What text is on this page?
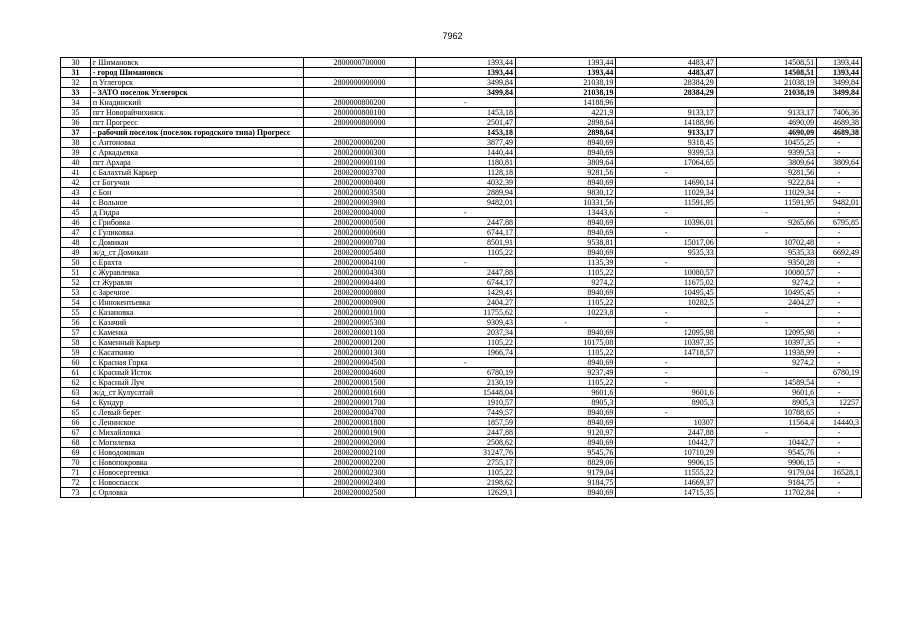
7962
30	г Шимановск	2800000700000	1393,44	1393,44	4483,47	14508,51	1393,44
31	- город Шимановск		1393,44	1393,44	4483,47	14508,51	1393,44
32	п Углегорск	2800000000000	3499,84	21038,19	28384,29	21038,19	3499,84
33	- ЗАТО поселок Углегорск		3499,84	21038,19	28384,29	21038,19	3499,84
34	п Кнадинский	2800000800200	-	14188,96			
35	пгт Новорайчихинск	2800000800100	1453,18	4221,9	9133,17	9133,17	7406,36
36	пгт Прогресс	2800000800000	2501,47	2898,64	14188,96	4690,09	4689,38
37	- рабочий поселок (поселок городского типа) Прогресс		1453,18	2898,64	9133,17	4690,09	4689,38
38	с Антоновка	2800200000200	3877,49	8940,69	9318,45	10455,25	-
39	с Аркадьевка	2800200000300	1440,44	8940,69	9399,53	9399,53	-
40	пгт Архара	2800200000100	1180,81	3809,64	17064,65	3809,64	3809,64
41	с Балахтый Карьер	2800200003700	1128,18	9281,56	-	9281,56	-
42	ст Богучан	2800200000400	4032,39	8940,69	14690,14	9222,84	-
43	с Бон	2800200003500	2889,94	9830,12	11029,34	11029,34	-
44	с Вольное	2800200003900	9482,01	10331,56	11591,95	11591,95	9482,01
45	д Гидра	2800200004000	-	13443,6	-	-	-
46	с Грибовка	2800200000500	2447,88	8940,69	10396,01	9265,66	6795,85
47	с Гуликовка	2800200000600	6744,17	8940,69	-	-	-
48	с Домикан	2800200000700	8501,91	9538,81	15017,06	10702,48	-
49	ж/д_ст Домикан	2800200005400	1105,22	8940,69	9535,33	9535,33	6692,49
50	с Ерахта	2800200004100	-	1135,39	-	9350,28	-
51	с Журавлевка	2800200004300	2447,88	1105,22	10080,57	10080,57	-
52	ст Журавли	2800200004400	6744,17	9274,2	11675,02	9274,2	-
53	с Заречное	2800200000800	1429,41	8940,69	10495,45	10495,45	-
54	с Иннокентьевка	2800200000900	2404,27	1105,22	10282,5	2404,27	-
55	с Казановка	2800200001000	11755,62	10223,8	-	-	-
56	с Казачий	2800200005300	9309,43	-	-	-	-
57	с Каменка	2800200001100	2037,34	8940,69	12095,98	12095,98	-
58	с Каменный Карьер	2800200001200	1105,22	10175,08	10397,35	10397,35	-
59	с Касаткино	2800200001300	1966,74	1105,22	14718,57	11938,99	-
60	с Красная Горка	2800200004500	-	8940,69	-	9274,2	-
61	с Красный Исток	2800200004600	6780,19	9237,49	-	-	6780,19
62	с Красный Луч	2800200001500	2130,19	1105,22	-	14589,54	-
63	ж/д_ст Кулуслтай	2800200001600	15448,04	9601,6	9601,6	9601,6	-
64	с Кундур	2800200001700	1910,57	8905,3	8905,3	8905,3	12257
65	с Левый берег	2800200004700	7449,57	8940,69	-	10788,65	-
66	с Ленинское	2800200001800	1857,59	8940,69	10307	11564,4	14440,3
67	с Михайловка	2800200001900	2447,88	9120,97	2447,88	-	-
68	с Могилевка	2800200002000	2508,62	8940,69	10442,7	10442,7	-
69	с Новодомикан	2800200002100	31247,76	9545,76	10710,29	9545,76	-
70	с Новопокровка	2800200002200	2755,17	8829,06	9906,15	9906,15	-
71	с Новосергеевка	2800200002300	1105,22	9179,04	11555,22	9179,04	16528,1
72	с Новоспасск	2800200002400	2198,62	9184,75	14669,37	9184,75	-
73	с Орловка	2800200002500	12629,1	8940,69	14715,35	11702,84	-
